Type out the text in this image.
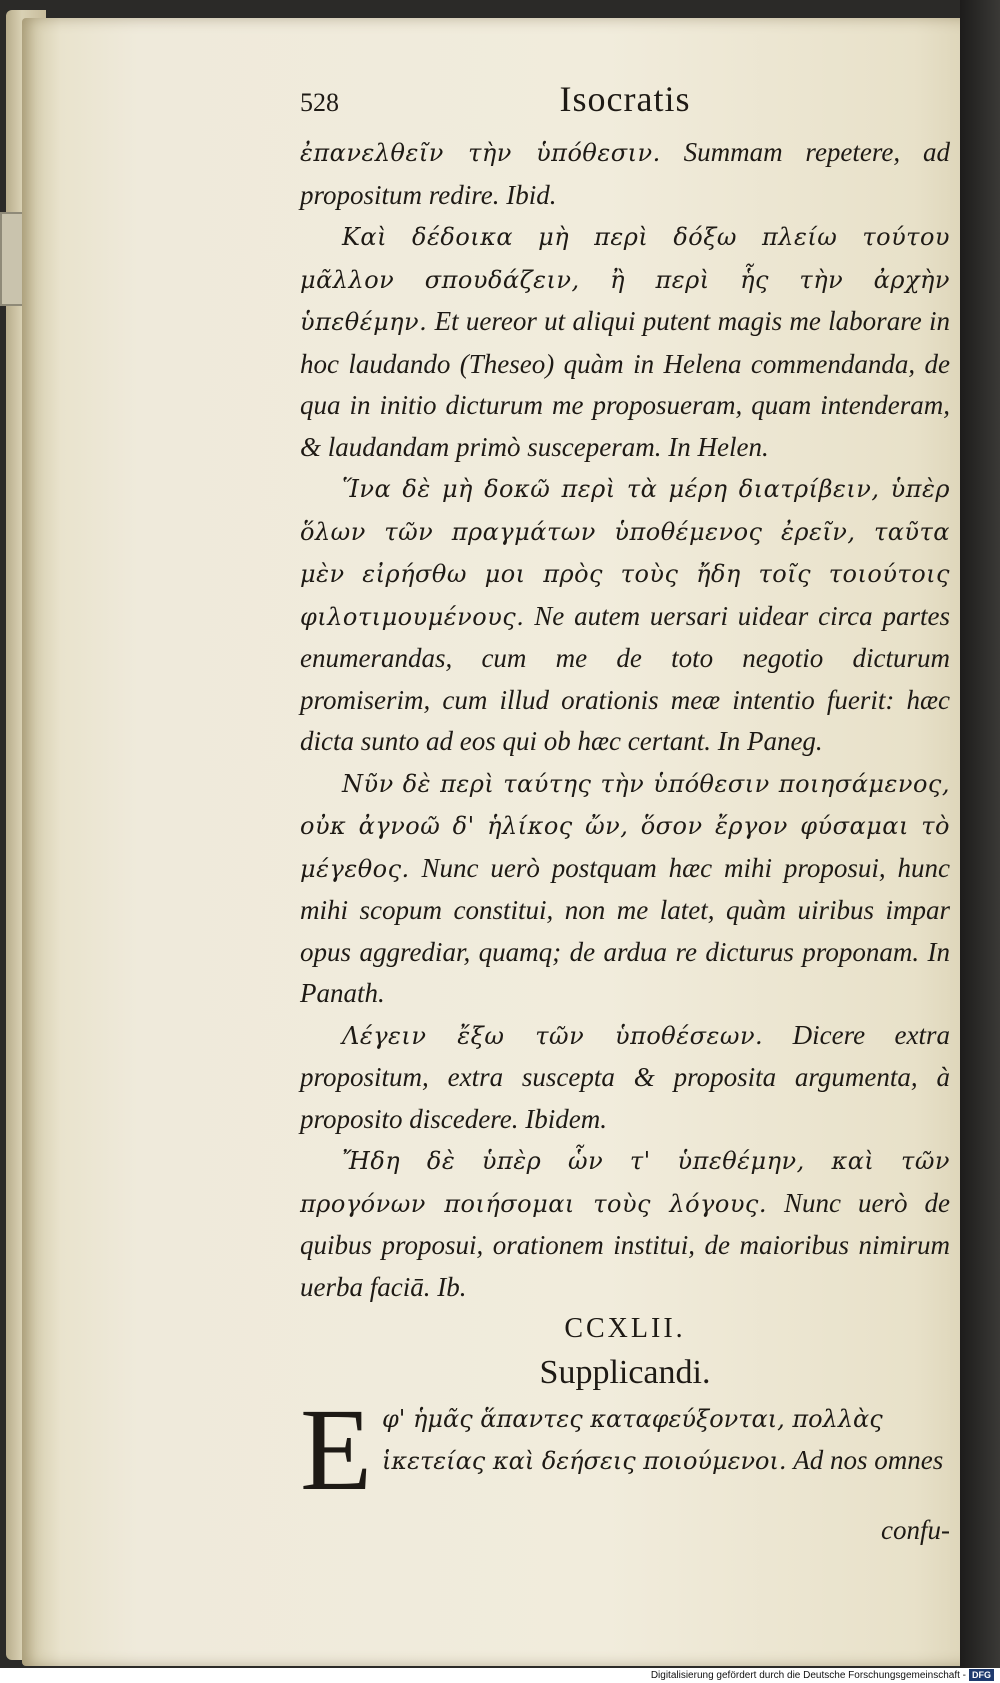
528	Isocratis

ἐπανελθεῖν τὴν ὑπόθεσιν. Summam repetere, ad propositum redire. Ibid.

Καὶ δέδοικα μὴ περὶ δόξω πλείω τούτου μᾶλλον σπουδάζειν, ἢ περὶ ἧς τὴν ἀρχὴν ὑπεθέμην. Et uereor ut aliqui putent magis me laborare in hoc laudando (Theseo) quàm in Helena commendanda, de qua in initio dicturum me proposueram, quam intenderam, & laudandam primò susceperam. In Helen.

Ἵνα δὲ μὴ δοκῶ περὶ τὰ μέρη διατρίβειν, ὑπὲρ ὅλων τῶν πραγμάτων ὑποθέμενος ἐρεῖν, ταῦτα μὲν εἰρήσθω μοι πρὸς τοὺς ἤδη τοῖς τοιούτοις φιλοτιμουμένους. Ne autem uersari uidear circa partes enumerandas, cum me de toto negotio dicturum promiserim, cum illud orationis meæ intentio fuerit: hæc dicta sunto ad eos qui ob hæc certant. In Paneg.

Νῦν δὲ περὶ ταύτης τὴν ὑπόθεσιν ποιησάμενος, οὐκ ἀγνοῶ δ' ἡλίκος ὤν, ὅσον ἔργον φύσαμαι τὸ μέγεθος. Nunc uerò postquam hæc mihi proposui, hunc mihi scopum constitui, non me latet, quàm uiribus impar opus aggrediar, quamq; de ardua re dicturus proponam. In Panath.

Λέγειν ἔξω τῶν ὑποθέσεων. Dicere extra propositum, extra suscepta & proposita argumenta, à proposito discedere. Ibidem.

Ἤδη δὲ ὑπὲρ ὧν τ' ὑπεθέμην, καὶ τῶν προγόνων ποιήσομαι τοὺς λόγους. Nunc uerò de quibus proposui, orationem institui, de maioribus nimirum uerba faciā. Ib.

CCXLII.
Supplicandi.
E φ' ἡμᾶς ἅπαντες καταφεύξονται, πολλὰς ἱκετείας καὶ δεήσεις ποιούμενοι. Ad nos omnes
confu-
Digitalisierung gefördert durch die Deutsche Forschungsgemeinschaft - DFG
